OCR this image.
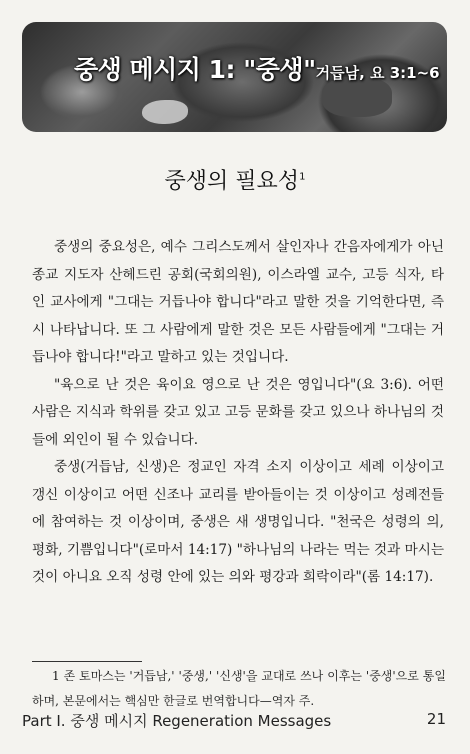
중생 메시지 1: "중생"거듭남, 요 3:1~6
중생의 필요성$^1$

중생의 중요성은, 예수 그리스도께서 살인자나 간음자에게가 아닌 종교 지도자 산헤드린 공회(국회의원), 이스라엘 교수, 고등 식자, 타인 교사에게 "그대는 거듭나야 합니다"라고 말한 것을 기억한다면, 즉시 나타납니다. 또 그 사람에게 말한 것은 모든 사람들에게 "그대는 거듭나야 합니다!"라고 말하고 있는 것입니다.

"육으로 난 것은 육이요 영으로 난 것은 영입니다"(요 3:6). 어떤 사람은 지식과 학위를 갖고 있고 고등 문화를 갖고 있으나 하나님의 것들에 외인이 될 수 있습니다.

중생(거듭남, 신생)은 정교인 자격 소지 이상이고 세례 이상이고 갱신 이상이고 어떤 신조나 교리를 받아들이는 것 이상이고 성례전들에 참여하는 것 이상이며, 중생은 새 생명입니다. "천국은 성령의 의, 평화, 기쁨입니다"(로마서 14:17) "하나님의 나라는 먹는 것과 마시는 것이 아니요 오직 성령 안에 있는 의와 평강과 희락이라"(롬 14:17).

1 존 토마스는 '거듭남,' '중생,' '신생'을 교대로 쓰나 이후는 '중생'으로 통일하며, 본문에서는 핵심만 한글로 번역합니다—역자 주.

Part Ⅰ. 중생 메시지 Regeneration Messages	21
